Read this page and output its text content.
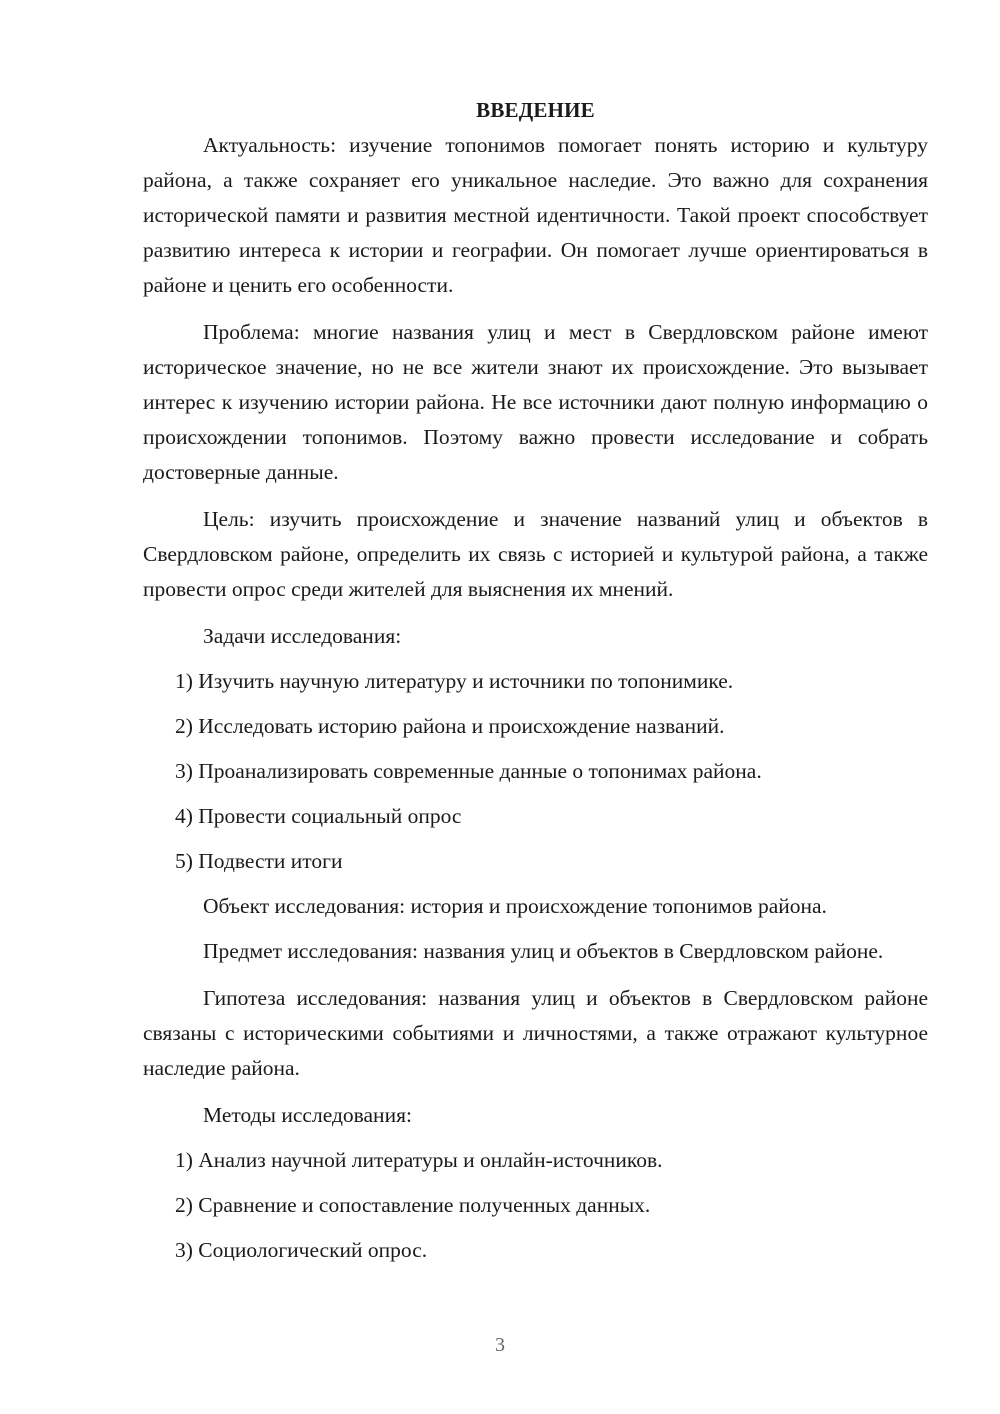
ВВЕДЕНИЕ

Актуальность: изучение топонимов помогает понять историю и культуру района, а также сохраняет его уникальное наследие. Это важно для сохранения исторической памяти и развития местной идентичности. Такой проект способствует развитию интереса к истории и географии. Он помогает лучше ориентироваться в районе и ценить его особенности.

Проблема: многие названия улиц и мест в Свердловском районе имеют историческое значение, но не все жители знают их происхождение. Это вызывает интерес к изучению истории района. Не все источники дают полную информацию о происхождении топонимов. Поэтому важно провести исследование и собрать достоверные данные.

Цель: изучить происхождение и значение названий улиц и объектов в Свердловском районе, определить их связь с историей и культурой района, а также провести опрос среди жителей для выяснения их мнений.

Задачи исследования:

1) Изучить научную литературу и источники по топонимике.
2) Исследовать историю района и происхождение названий.
3) Проанализировать современные данные о топонимах района.
4) Провести социальный опрос
5) Подвести итоги

Объект исследования: история и происхождение топонимов района.

Предмет исследования: названия улиц и объектов в Свердловском районе.

Гипотеза исследования: названия улиц и объектов в Свердловском районе связаны с историческими событиями и личностями, а также отражают культурное наследие района.

Методы исследования:

1) Анализ научной литературы и онлайн-источников.
2) Сравнение и сопоставление полученных данных.
3) Социологический опрос.
3
